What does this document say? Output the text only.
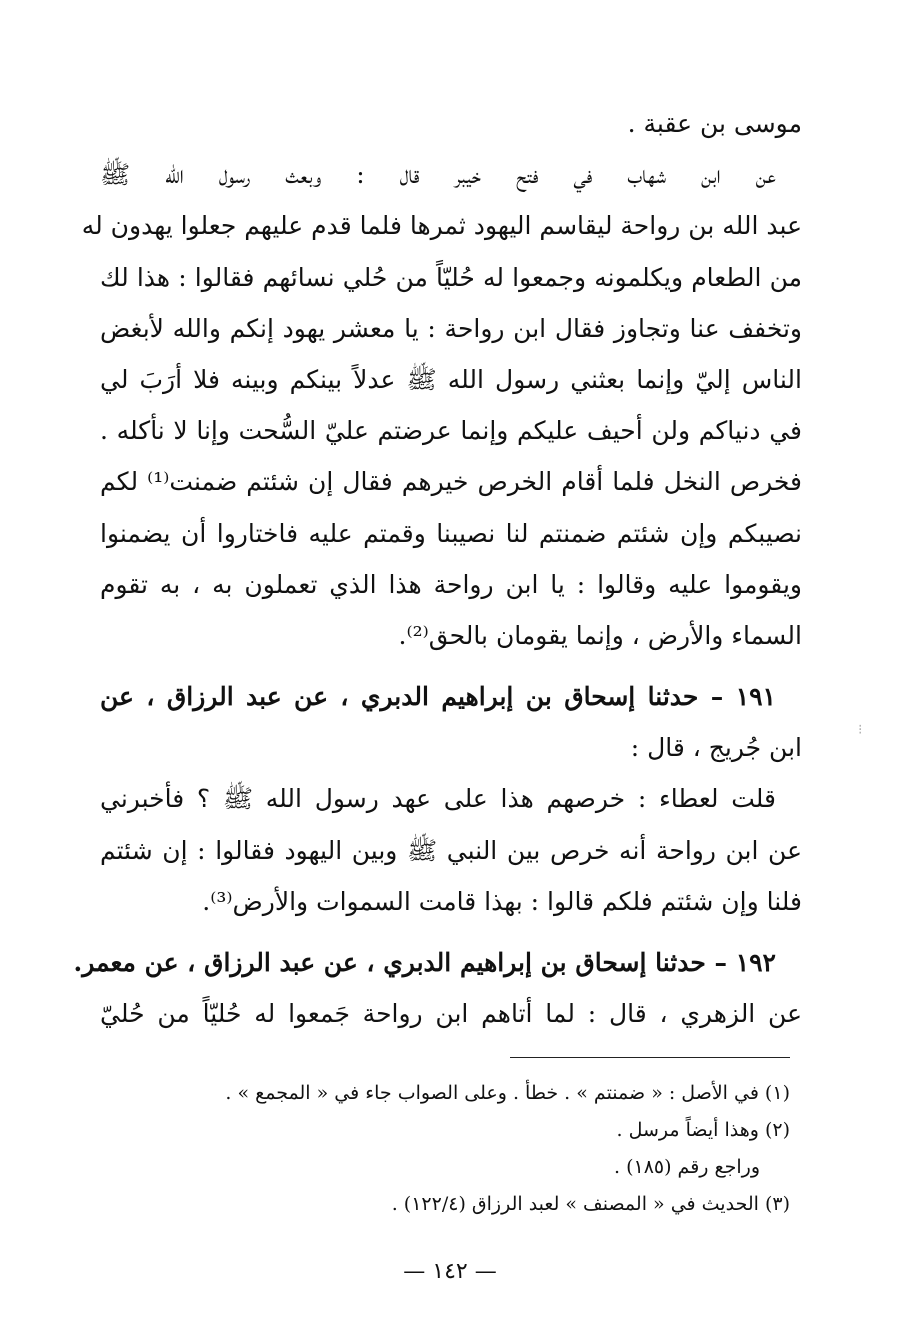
موسى بن عقبة .
عن ابن شهاب في فتح خيبر قال : وبعث رسول الله ﷺ
عبد الله بن رواحة ليقاسم اليهود ثمرها فلما قدم عليهم جعلوا يهدون له
من الطعام ويكلمونه وجمعوا له حُليّاً من حُلي نسائهم فقالوا : هذا لك
وتخفف عنا وتجاوز فقال ابن رواحة : يا معشر يهود إنكم والله لأبغض
الناس إليّ وإنما بعثني رسول الله ﷺ عدلاً بينكم وبينه فلا أرَبَ لي
في دنياكم ولن أحيف عليكم وإنما عرضتم عليّ السُّحت وإنا لا نأكله .
فخرص النخل فلما أقام الخرص خيرهم فقال إن شئتم ضمنت⁽¹⁾ لكم
نصيبكم وإن شئتم ضمنتم لنا نصيبنا وقمتم عليه فاختاروا أن يضمنوا
ويقوموا عليه وقالوا : يا ابن رواحة هذا الذي تعملون به ، به تقوم
السماء والأرض ، وإنما يقومان بالحق⁽²⁾.
١٩١ – حدثنا إسحاق بن إبراهيم الدبري ، عن عبد الرزاق ، عن
ابن جُريج ، قال :
قلت لعطاء : خرصهم هذا على عهد رسول الله ﷺ ؟ فأخبرني
عن ابن رواحة أنه خرص بين النبي ﷺ وبين اليهود فقالوا : إن شئتم
فلنا وإن شئتم فلكم قالوا : بهذا قامت السموات والأرض⁽³⁾.
١٩٢ – حدثنا إسحاق بن إبراهيم الدبري ، عن عبد الرزاق ، عن معمر.
عن الزهري ، قال : لما أتاهم ابن رواحة جَمعوا له حُليّاً من حُليّ
(١) في الأصل : « ضمنتم » . خطأ . وعلى الصواب جاء في « المجمع » .
(٢) وهذا أيضاً مرسل .
وراجع رقم (١٨٥) .
(٣) الحديث في « المصنف » لعبد الرزاق (١٢٢/٤) .
— ١٤٢ —
⁝
